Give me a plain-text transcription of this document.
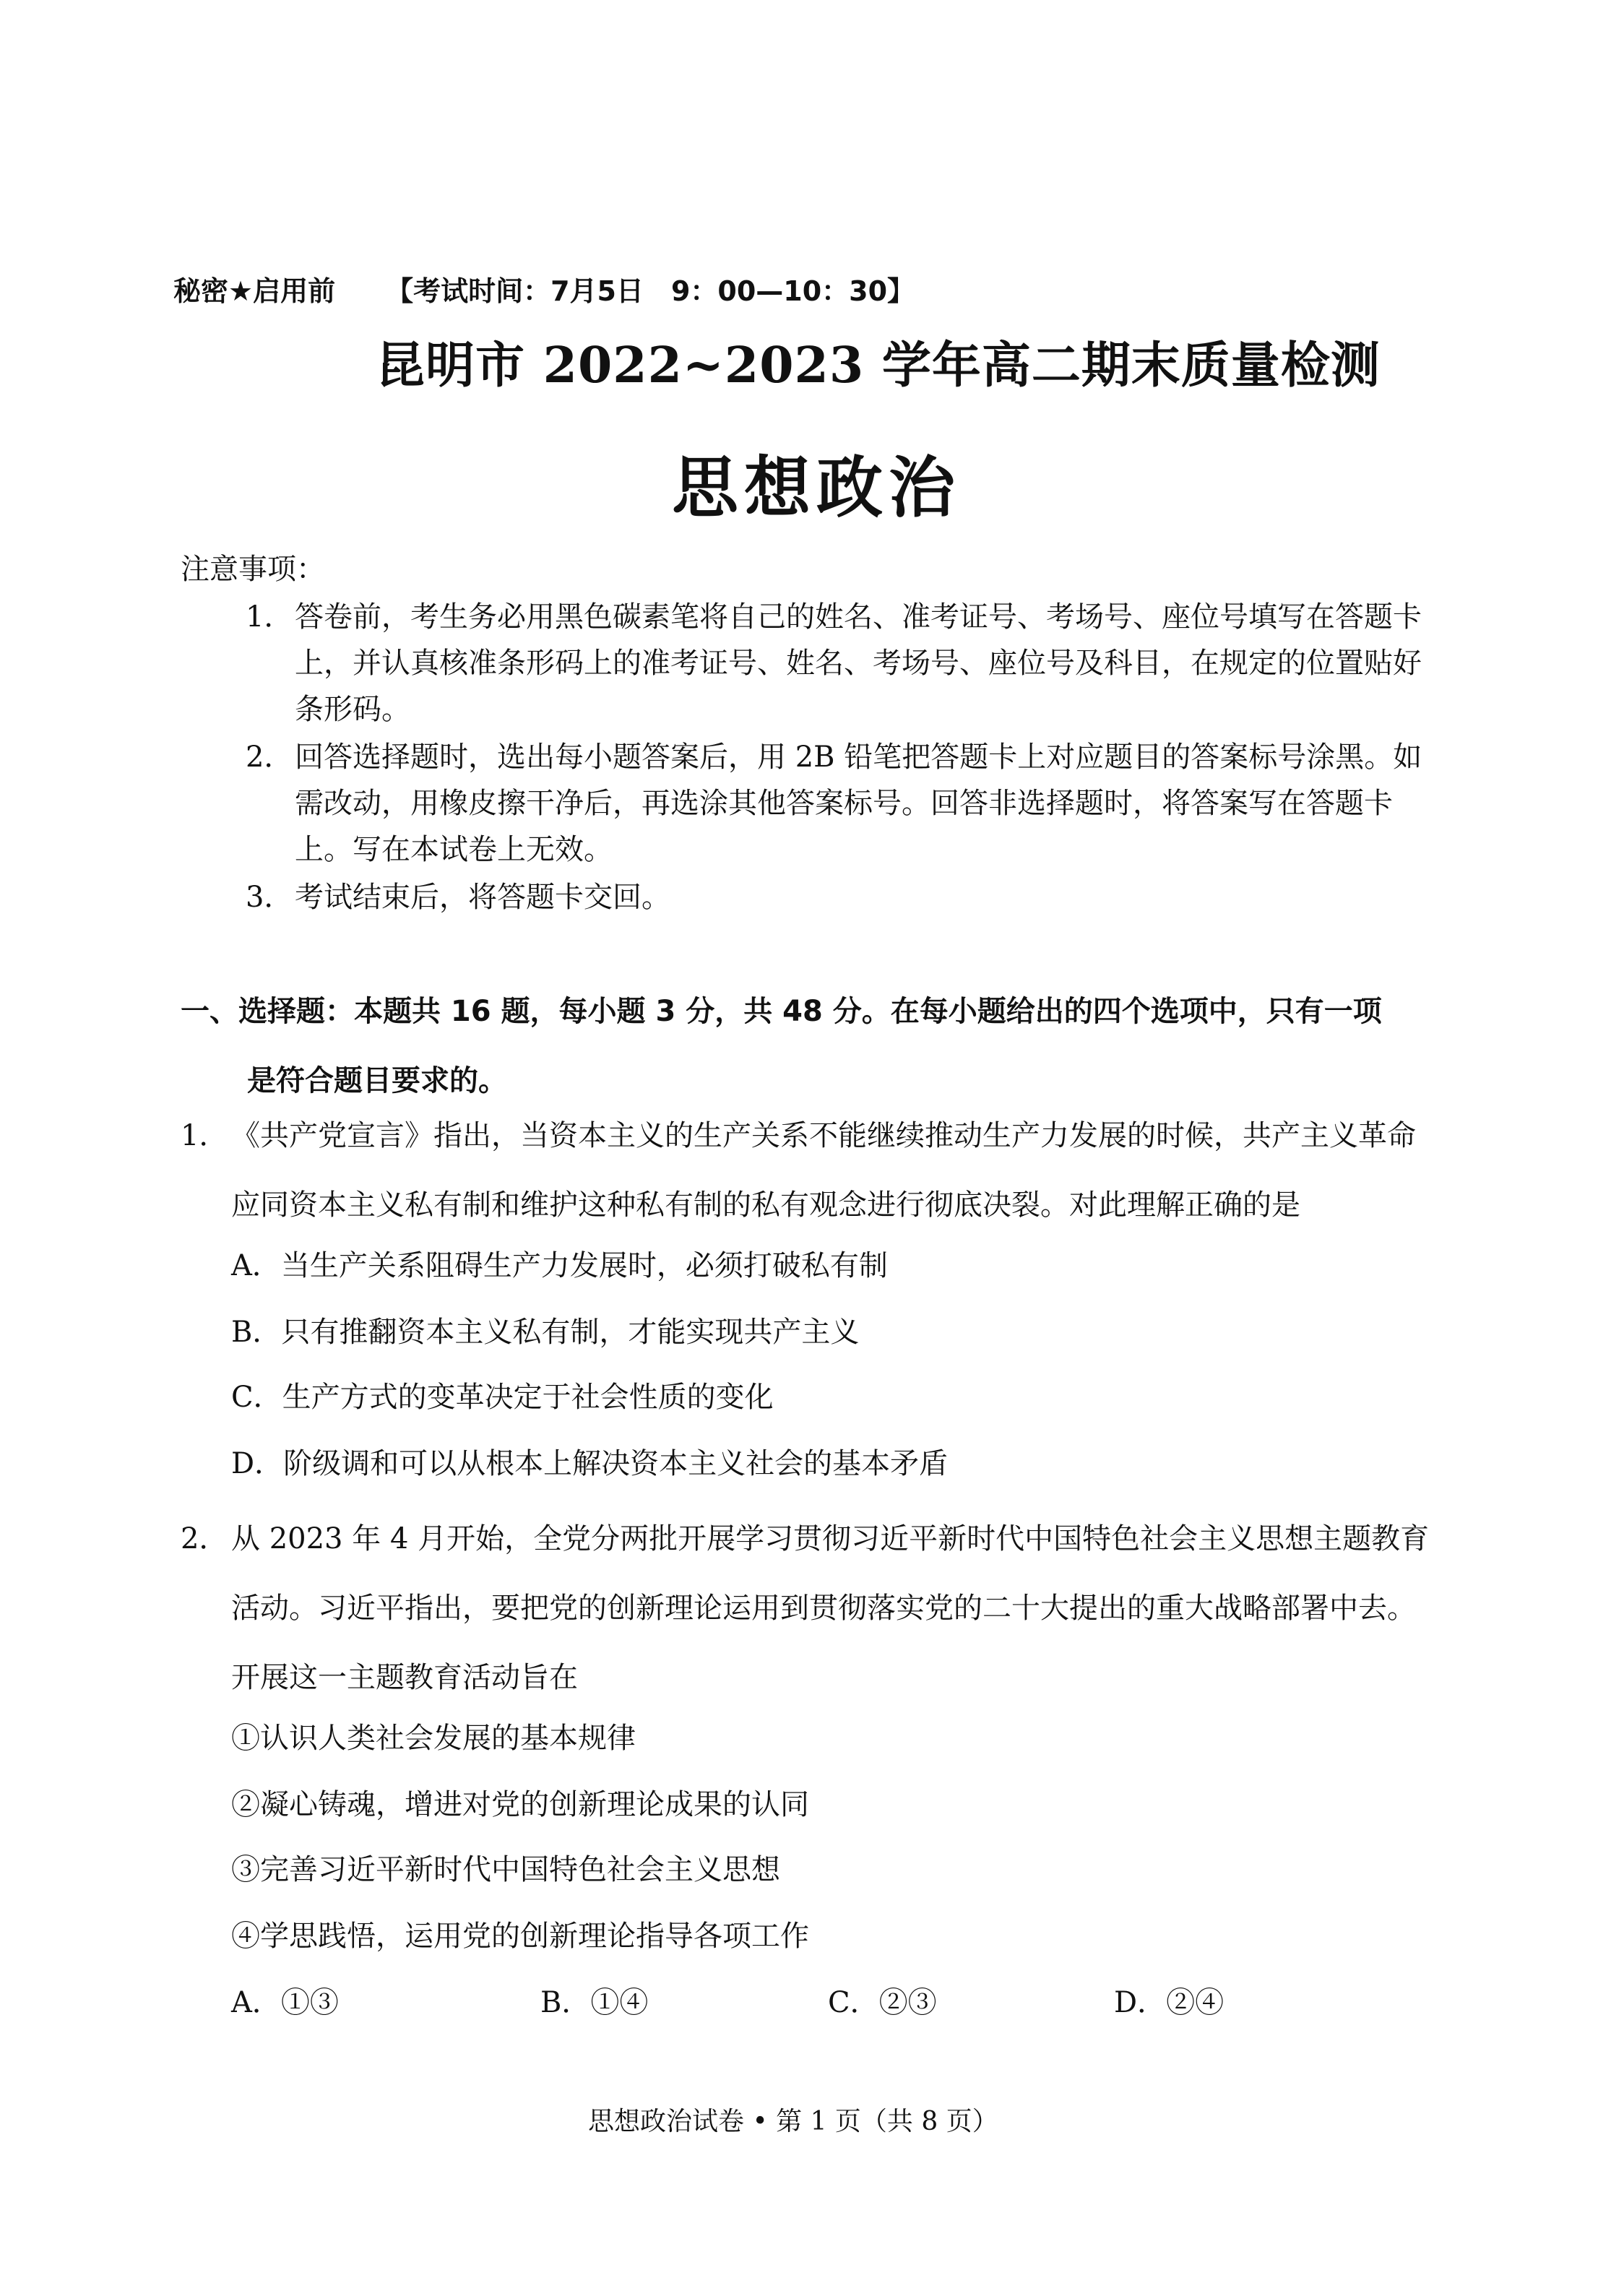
秘密★启用前 【考试时间：7月5日　9：00—10：30】
昆明市 2022~2023 学年高二期末质量检测
思想政治
注意事项：
1． 答卷前，考生务必用黑色碳素笔将自己的姓名、准考证号、考场号、座位号填写在答题卡上，并认真核准条形码上的准考证号、姓名、考场号、座位号及科目，在规定的位置贴好条形码。
2． 回答选择题时，选出每小题答案后，用 2B 铅笔把答题卡上对应题目的答案标号涂黑。如需改动，用橡皮擦干净后，再选涂其他答案标号。回答非选择题时，将答案写在答题卡上。写在本试卷上无效。
3． 考试结束后，将答题卡交回。
一、选择题：本题共 16 题，每小题 3 分，共 48 分。在每小题给出的四个选项中，只有一项
是符合题目要求的。
1． 《共产党宣言》指出，当资本主义的生产关系不能继续推动生产力发展的时候，共产主义革命应同资本主义私有制和维护这种私有制的私有观念进行彻底决裂。对此理解正确的是
A．当生产关系阻碍生产力发展时，必须打破私有制
B．只有推翻资本主义私有制，才能实现共产主义
C．生产方式的变革决定于社会性质的变化
D．阶级调和可以从根本上解决资本主义社会的基本矛盾
2． 从 2023 年 4 月开始，全党分两批开展学习贯彻习近平新时代中国特色社会主义思想主题教育活动。习近平指出，要把党的创新理论运用到贯彻落实党的二十大提出的重大战略部署中去。开展这一主题教育活动旨在
①认识人类社会发展的基本规律
②凝心铸魂，增进对党的创新理论成果的认同
③完善习近平新时代中国特色社会主义思想
④学思践悟，运用党的创新理论指导各项工作
A．①③	B．①④	C．②③	D．②④
思想政治试卷 • 第 1 页（共 8 页）
